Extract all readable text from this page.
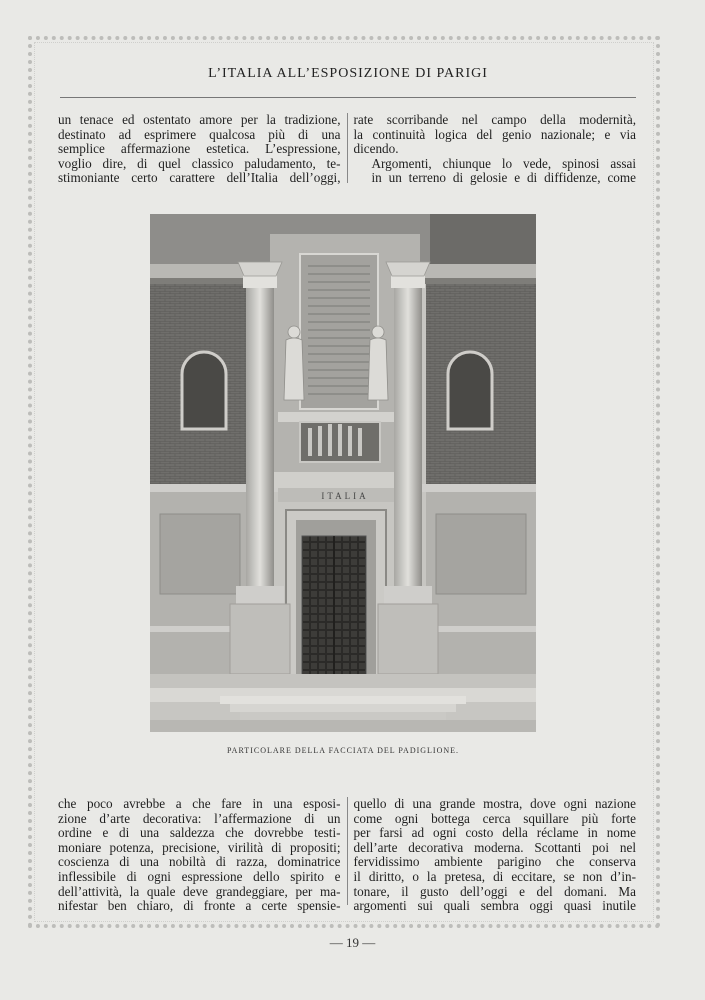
L’ITALIA ALL’ESPOSIZIONE DI PARIGI

un tenace ed ostentato amore per la tradizione,
destinato ad esprimere qualcosa più di una
semplice affermazione estetica. L’espressione,
voglio dire, di quel classico paludamento, te-
stimoniante certo carattere dell’Italia dell’oggi,

rate scorribande nel campo della modernità,
la continuità logica del genio nazionale; e via
dicendo.

Argomenti, chiunque lo vede, spinosi assai
in un terreno di gelosie e di diffidenze, come

ITALIA
PARTICOLARE DELLA FACCIATA DEL PADIGLIONE.

che poco avrebbe a che fare in una esposi-
zione d’arte decorativa: l’affermazione di un
ordine e di una saldezza che dovrebbe testi-
moniare potenza, precisione, virilità di propositi;
coscienza di una nobiltà di razza, dominatrice
inflessibile di ogni espressione dello spirito e
dell’attività, la quale deve grandeggiare, per ma-
nifestar ben chiaro, di fronte a certe spensie-

quello di una grande mostra, dove ogni nazione
come ogni bottega cerca squillare più forte
per farsi ad ogni costo della réclame in nome
dell’arte decorativa moderna. Scottanti poi nel
fervidissimo ambiente parigino che conserva
il diritto, o la pretesa, di eccitare, se non d’in-
tonare, il gusto dell’oggi e del domani. Ma
argomenti sui quali sembra oggi quasi inutile

— 19 —
